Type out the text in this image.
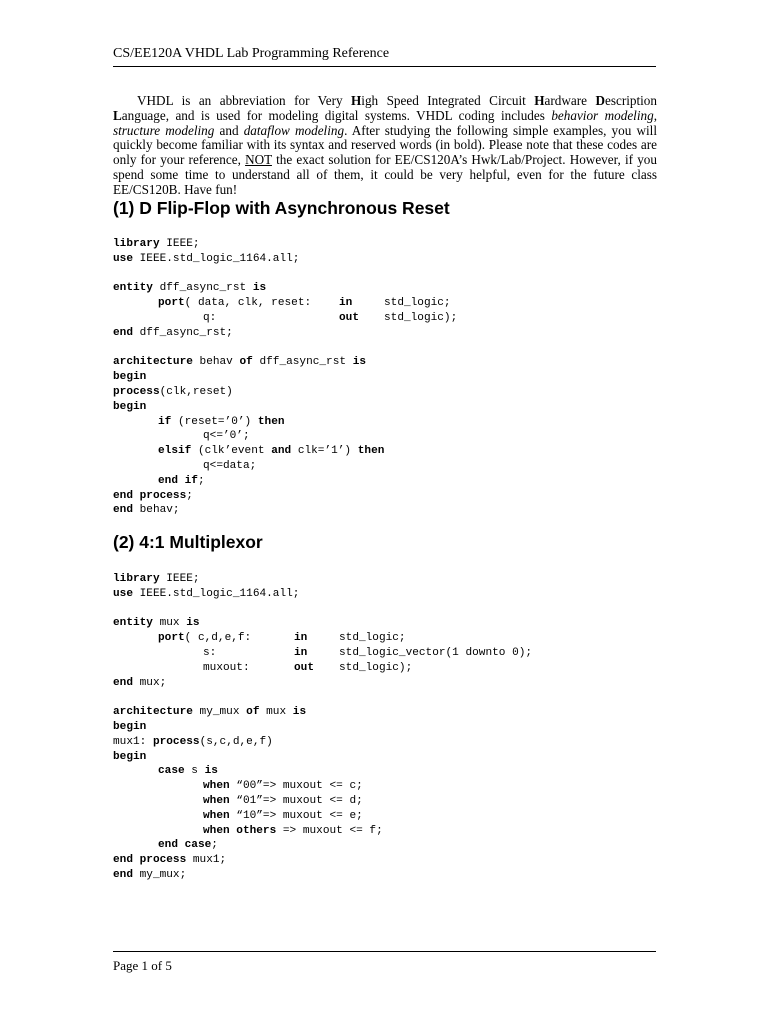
CS/EE120A VHDL Lab Programming Reference
VHDL is an abbreviation for Very High Speed Integrated Circuit Hardware Description Language, and is used for modeling digital systems. VHDL coding includes behavior modeling, structure modeling and dataflow modeling. After studying the following simple examples, you will quickly become familiar with its syntax and reserved words (in bold). Please note that these codes are only for your reference, NOT the exact solution for EE/CS120A’s Hwk/Lab/Project. However, if you spend some time to understand all of them, it could be very helpful, even for the future class EE/CS120B. Have fun!
(1) D Flip-Flop with Asynchronous Reset
library IEEE;
use IEEE.std_logic_1164.all;
entity dff_async_rst is
port( data, clk, reset:	in	std_logic;
q:	out std_logic);
end dff_async_rst;
architecture behav of dff_async_rst is
begin
process(clk,reset)
begin
if (reset=’0’) then
q<=’0’;
elsif (clk’event and clk=’1’) then
q<=data;
end if;
end process;
end behav;
(2) 4:1 Multiplexor
library IEEE;
use IEEE.std_logic_1164.all;
entity mux is
port( c,d,e,f:	in	std_logic;
s:	in	std_logic_vector(1 downto 0);
muxout:	out std_logic);
end mux;
architecture my_mux of mux is
begin
mux1: process(s,c,d,e,f)
begin
case s is
when “00”=> muxout <= c;
when “01”=> muxout <= d;
when “10”=> muxout <= e;
when others => muxout <= f;
end case;
end process mux1;
end my_mux;
Page 1 of 5
